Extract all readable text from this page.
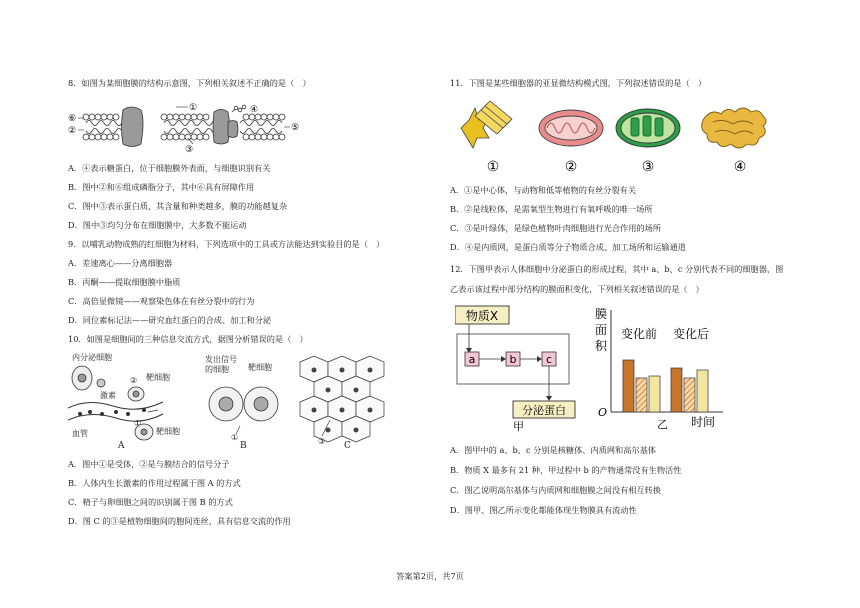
8．如图为某细胞膜的结构示意图，下列相关叙述不正确的是（　）
①
⑥
②
③
④
⑤
A．④表示糖蛋白，位于细胞膜外表面，与细胞识别有关
B．图中②和⑥组成磷脂分子，其中⑥具有屏障作用
C．图中③表示蛋白质，其含量和种类越多，膜的功能越复杂
D．图中③均匀分布在细胞膜中，大多数不能运动
9．以哺乳动物成熟的红细胞为材料，下列选项中的工具或方法能达到实验目的是（　）
A．差速离心——分离细胞器
B．丙酮——提取细胞膜中脂质
C．高倍显微镜——观察染色体在有丝分裂中的行为
D．同位素标记法——研究血红蛋白的合成、加工和分泌
10．如图是细胞间的三种信息交流方式，据图分析错误的是（　）
内分泌细胞
激素
② 靶细胞
血管	靶细胞
①
A
发出信号
的细胞 靶细胞
①
B	③ C
A．图中①是受体，②是与膜结合的信号分子
B．人体内生长激素的作用过程属于图 A 的方式
C．精子与卵细胞之间的识别属于图 B 的方式
D．图 C 的③是植物细胞间的胞间连丝，具有信息交流的作用
11．下图是某些细胞器的亚显微结构模式图，下列叙述错误的是（　）
①	②	③	④
A．①是中心体，与动物和低等植物的有丝分裂有关
B．②是线粒体，是需氧型生物进行有氧呼吸的唯一场所
C．③是叶绿体，是绿色植物叶肉细胞进行光合作用的场所
D．④是内质网，是蛋白质等分子物质合成、加工场所和运输通道
12．下图甲表示人体细胞中分泌蛋白的形成过程，其中 a、b、c 分别代表不同的细胞器，图
乙表示该过程中部分结构的膜面积变化，下列相关叙述错误的是（　）
物质X
a	b	c
分泌蛋白
甲
膜
面
积
变化前 变化后
O
乙 时间
A．图甲中的 a、b、c 分别是核糖体、内质网和高尔基体
B．物质 X 最多有 21 种，甲过程中 b 的产物通常没有生物活性
C．图乙说明高尔基体与内质网和细胞膜之间没有相互转换
D．图甲、图乙所示变化都能体现生物膜具有流动性
答案第2页，共7页
